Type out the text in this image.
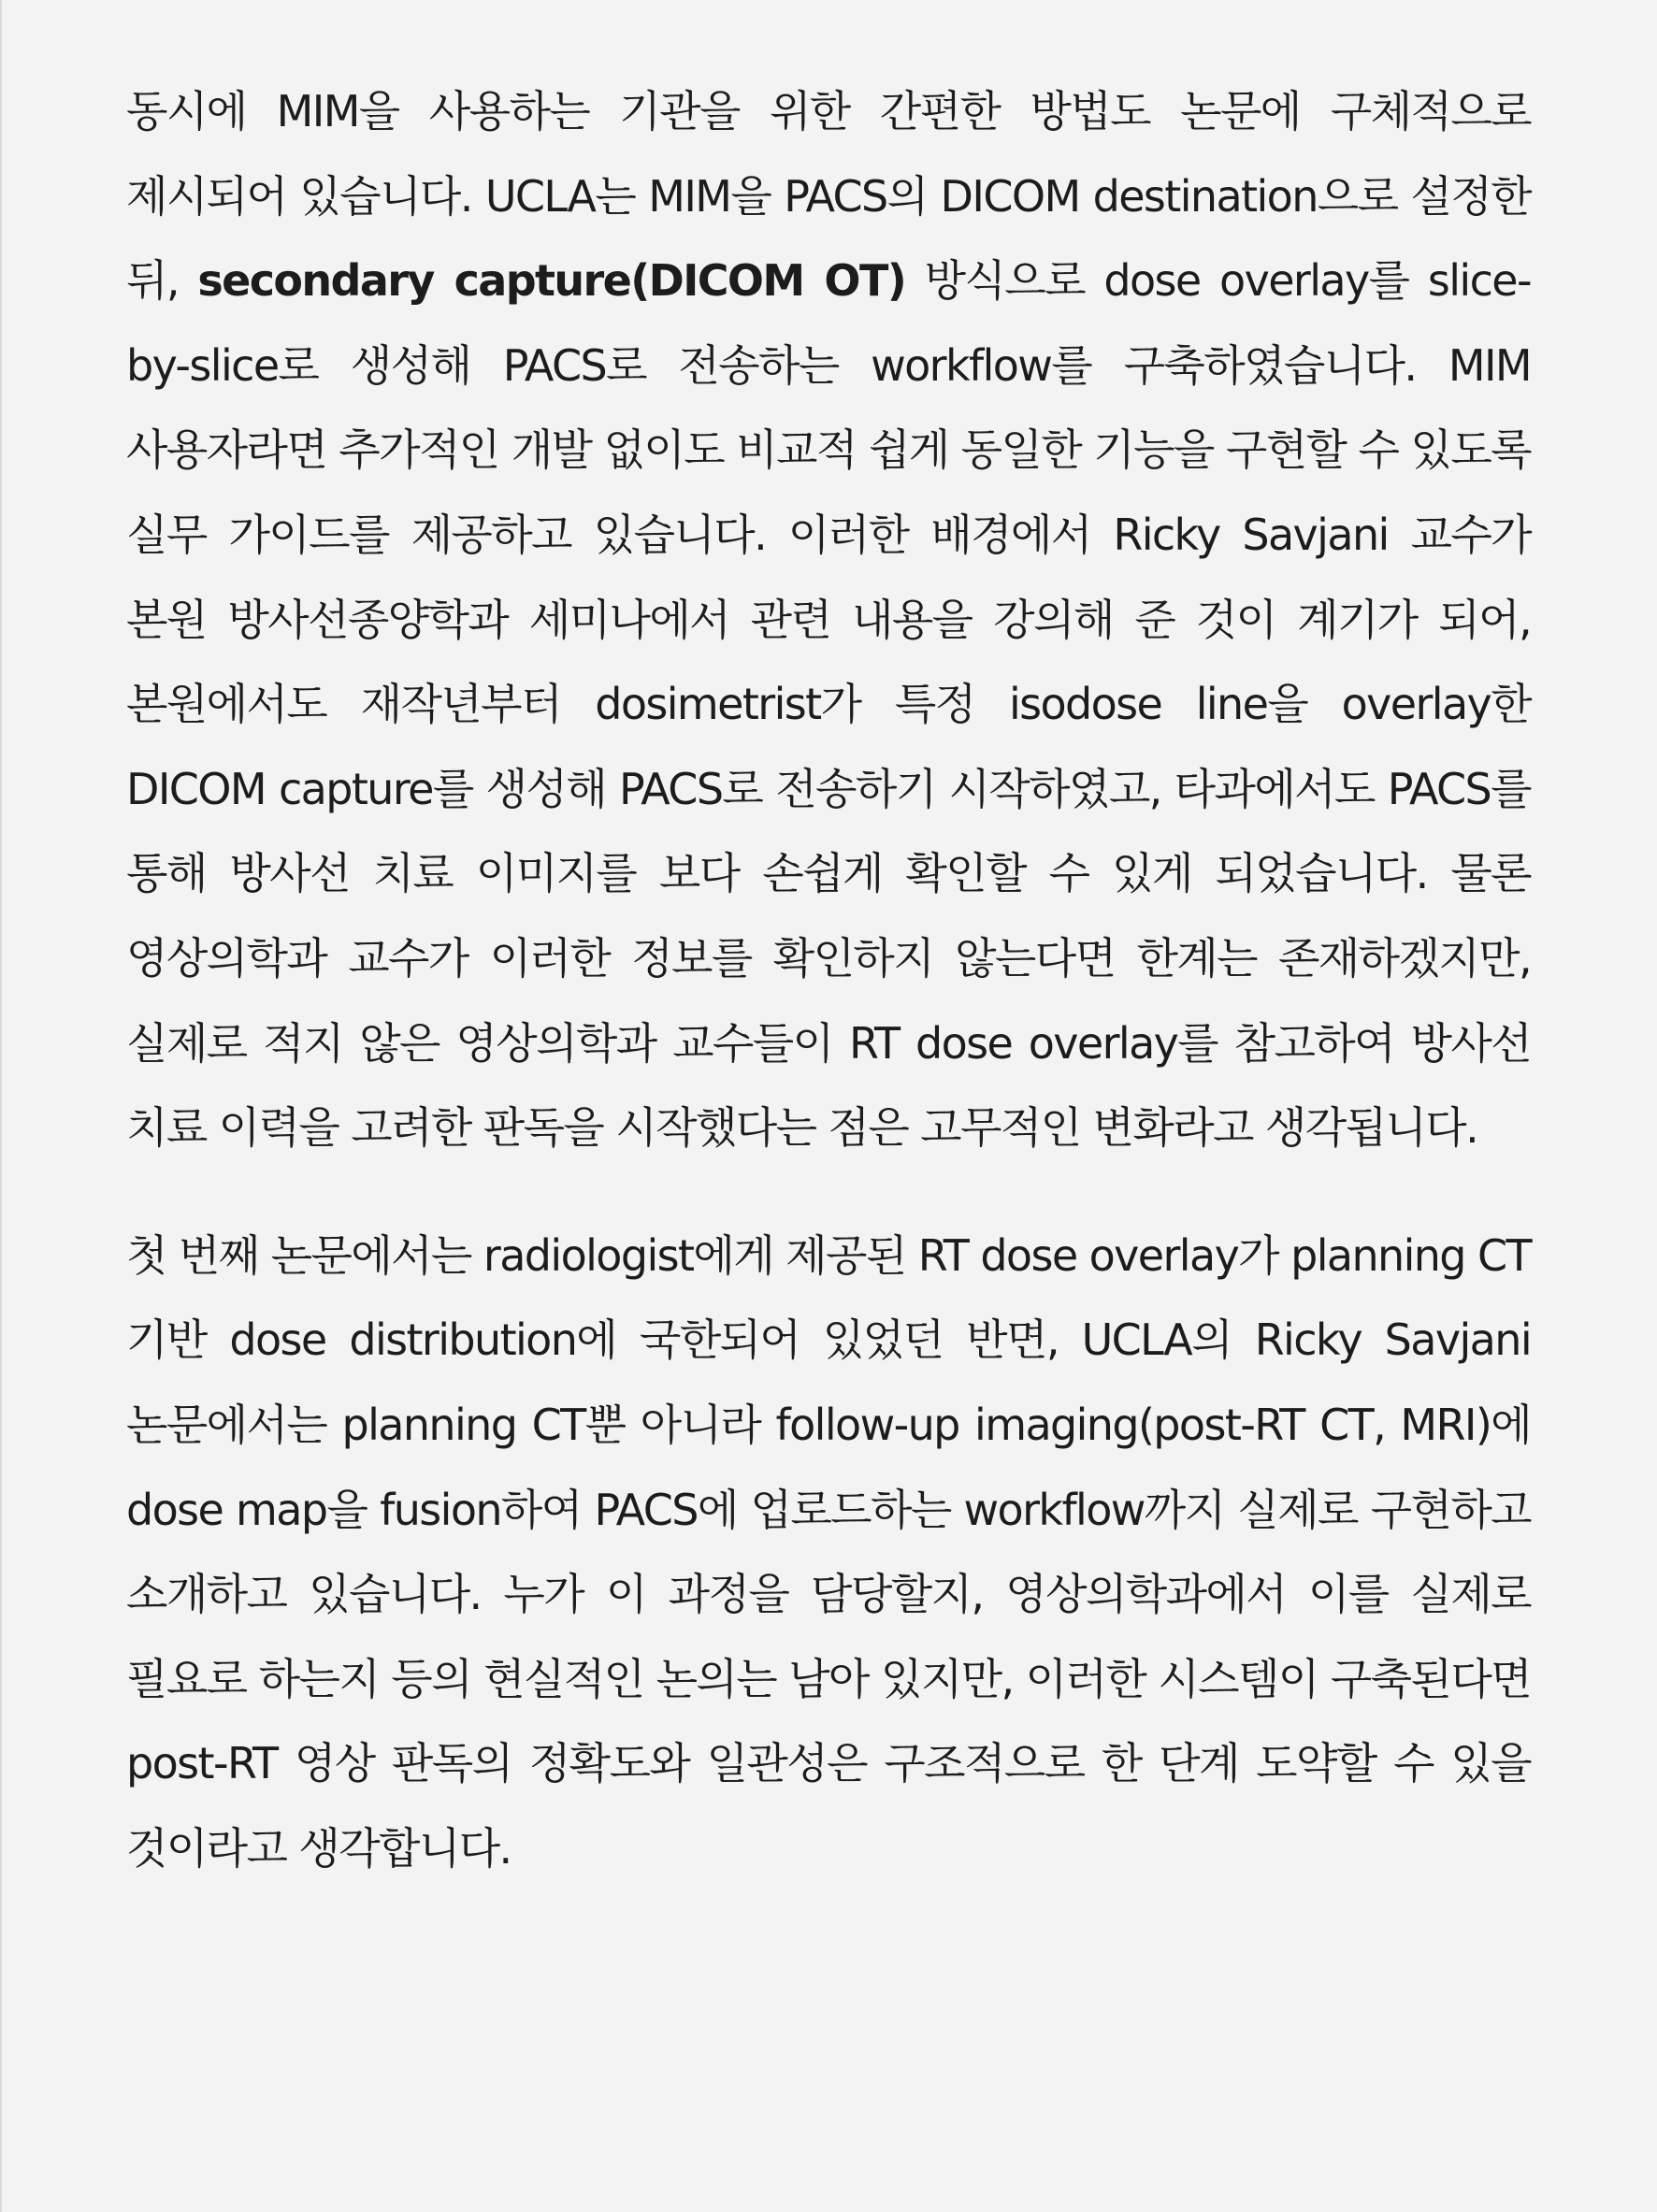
동시에 MIM을 사용하는 기관을 위한 간편한 방법도 논문에 구체적으로 제시되어 있습니다. UCLA는 MIM을 PACS의 DICOM destination으로 설정한 뒤, secondary capture(DICOM OT) 방식으로 dose overlay를 slice-by-slice로 생성해 PACS로 전송하는 workflow를 구축하였습니다. MIM 사용자라면 추가적인 개발 없이도 비교적 쉽게 동일한 기능을 구현할 수 있도록 실무 가이드를 제공하고 있습니다. 이러한 배경에서 Ricky Savjani 교수가 본원 방사선종양학과 세미나에서 관련 내용을 강의해 준 것이 계기가 되어, 본원에서도 재작년부터 dosimetrist가 특정 isodose line을 overlay한 DICOM capture를 생성해 PACS로 전송하기 시작하였고, 타과에서도 PACS를 통해 방사선 치료 이미지를 보다 손쉽게 확인할 수 있게 되었습니다. 물론 영상의학과 교수가 이러한 정보를 확인하지 않는다면 한계는 존재하겠지만, 실제로 적지 않은 영상의학과 교수들이 RT dose overlay를 참고하여 방사선 치료 이력을 고려한 판독을 시작했다는 점은 고무적인 변화라고 생각됩니다.

첫 번째 논문에서는 radiologist에게 제공된 RT dose overlay가 planning CT 기반 dose distribution에 국한되어 있었던 반면, UCLA의 Ricky Savjani 논문에서는 planning CT뿐 아니라 follow-up imaging(post-RT CT, MRI)에 dose map을 fusion하여 PACS에 업로드하는 workflow까지 실제로 구현하고 소개하고 있습니다. 누가 이 과정을 담당할지, 영상의학과에서 이를 실제로 필요로 하는지 등의 현실적인 논의는 남아 있지만, 이러한 시스템이 구축된다면 post-RT 영상 판독의 정확도와 일관성은 구조적으로 한 단계 도약할 수 있을 것이라고 생각합니다.
